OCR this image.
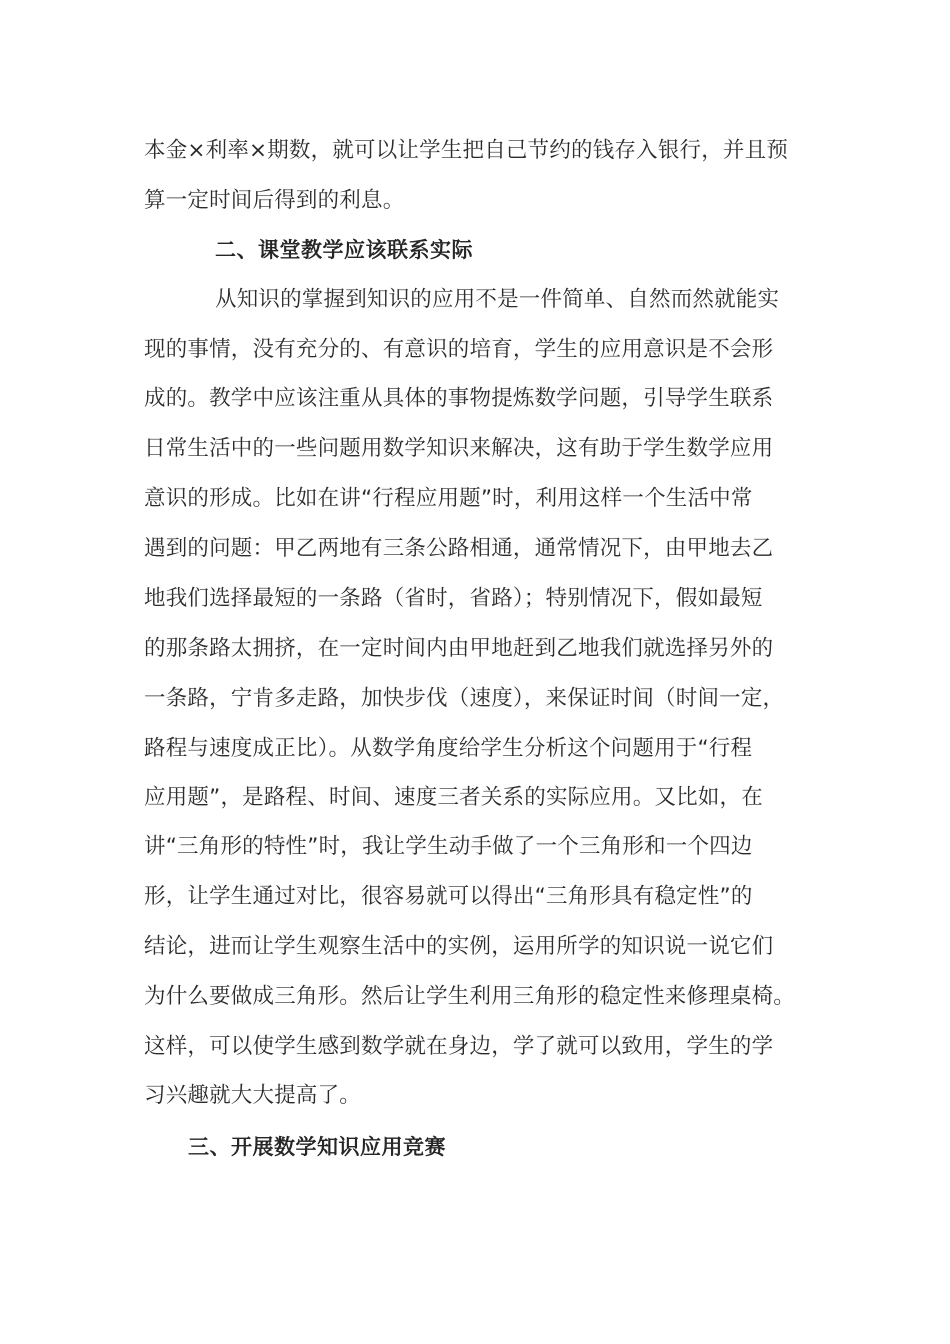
本金×利率×期数，就可以让学生把自己节约的钱存入银行，并且预
算一定时间后得到的利息。
二、课堂教学应该联系实际
从知识的掌握到知识的应用不是一件简单、自然而然就能实
现的事情，没有充分的、有意识的培育，学生的应用意识是不会形
成的。教学中应该注重从具体的事物提炼数学问题，引导学生联系
日常生活中的一些问题用数学知识来解决，这有助于学生数学应用
意识的形成。比如在讲“行程应用题”时，利用这样一个生活中常
遇到的问题：甲乙两地有三条公路相通，通常情况下，由甲地去乙
地我们选择最短的一条路（省时，省路）；特别情况下，假如最短
的那条路太拥挤，在一定时间内由甲地赶到乙地我们就选择另外的
一条路，宁肯多走路，加快步伐（速度），来保证时间（时间一定，
路程与速度成正比）。从数学角度给学生分析这个问题用于“行程
应用题”，是路程、时间、速度三者关系的实际应用。又比如，在
讲“三角形的特性”时，我让学生动手做了一个三角形和一个四边
形，让学生通过对比，很容易就可以得出“三角形具有稳定性”的
结论，进而让学生观察生活中的实例，运用所学的知识说一说它们
为什么要做成三角形。然后让学生利用三角形的稳定性来修理桌椅。
这样，可以使学生感到数学就在身边，学了就可以致用，学生的学
习兴趣就大大提高了。
三、开展数学知识应用竞赛
